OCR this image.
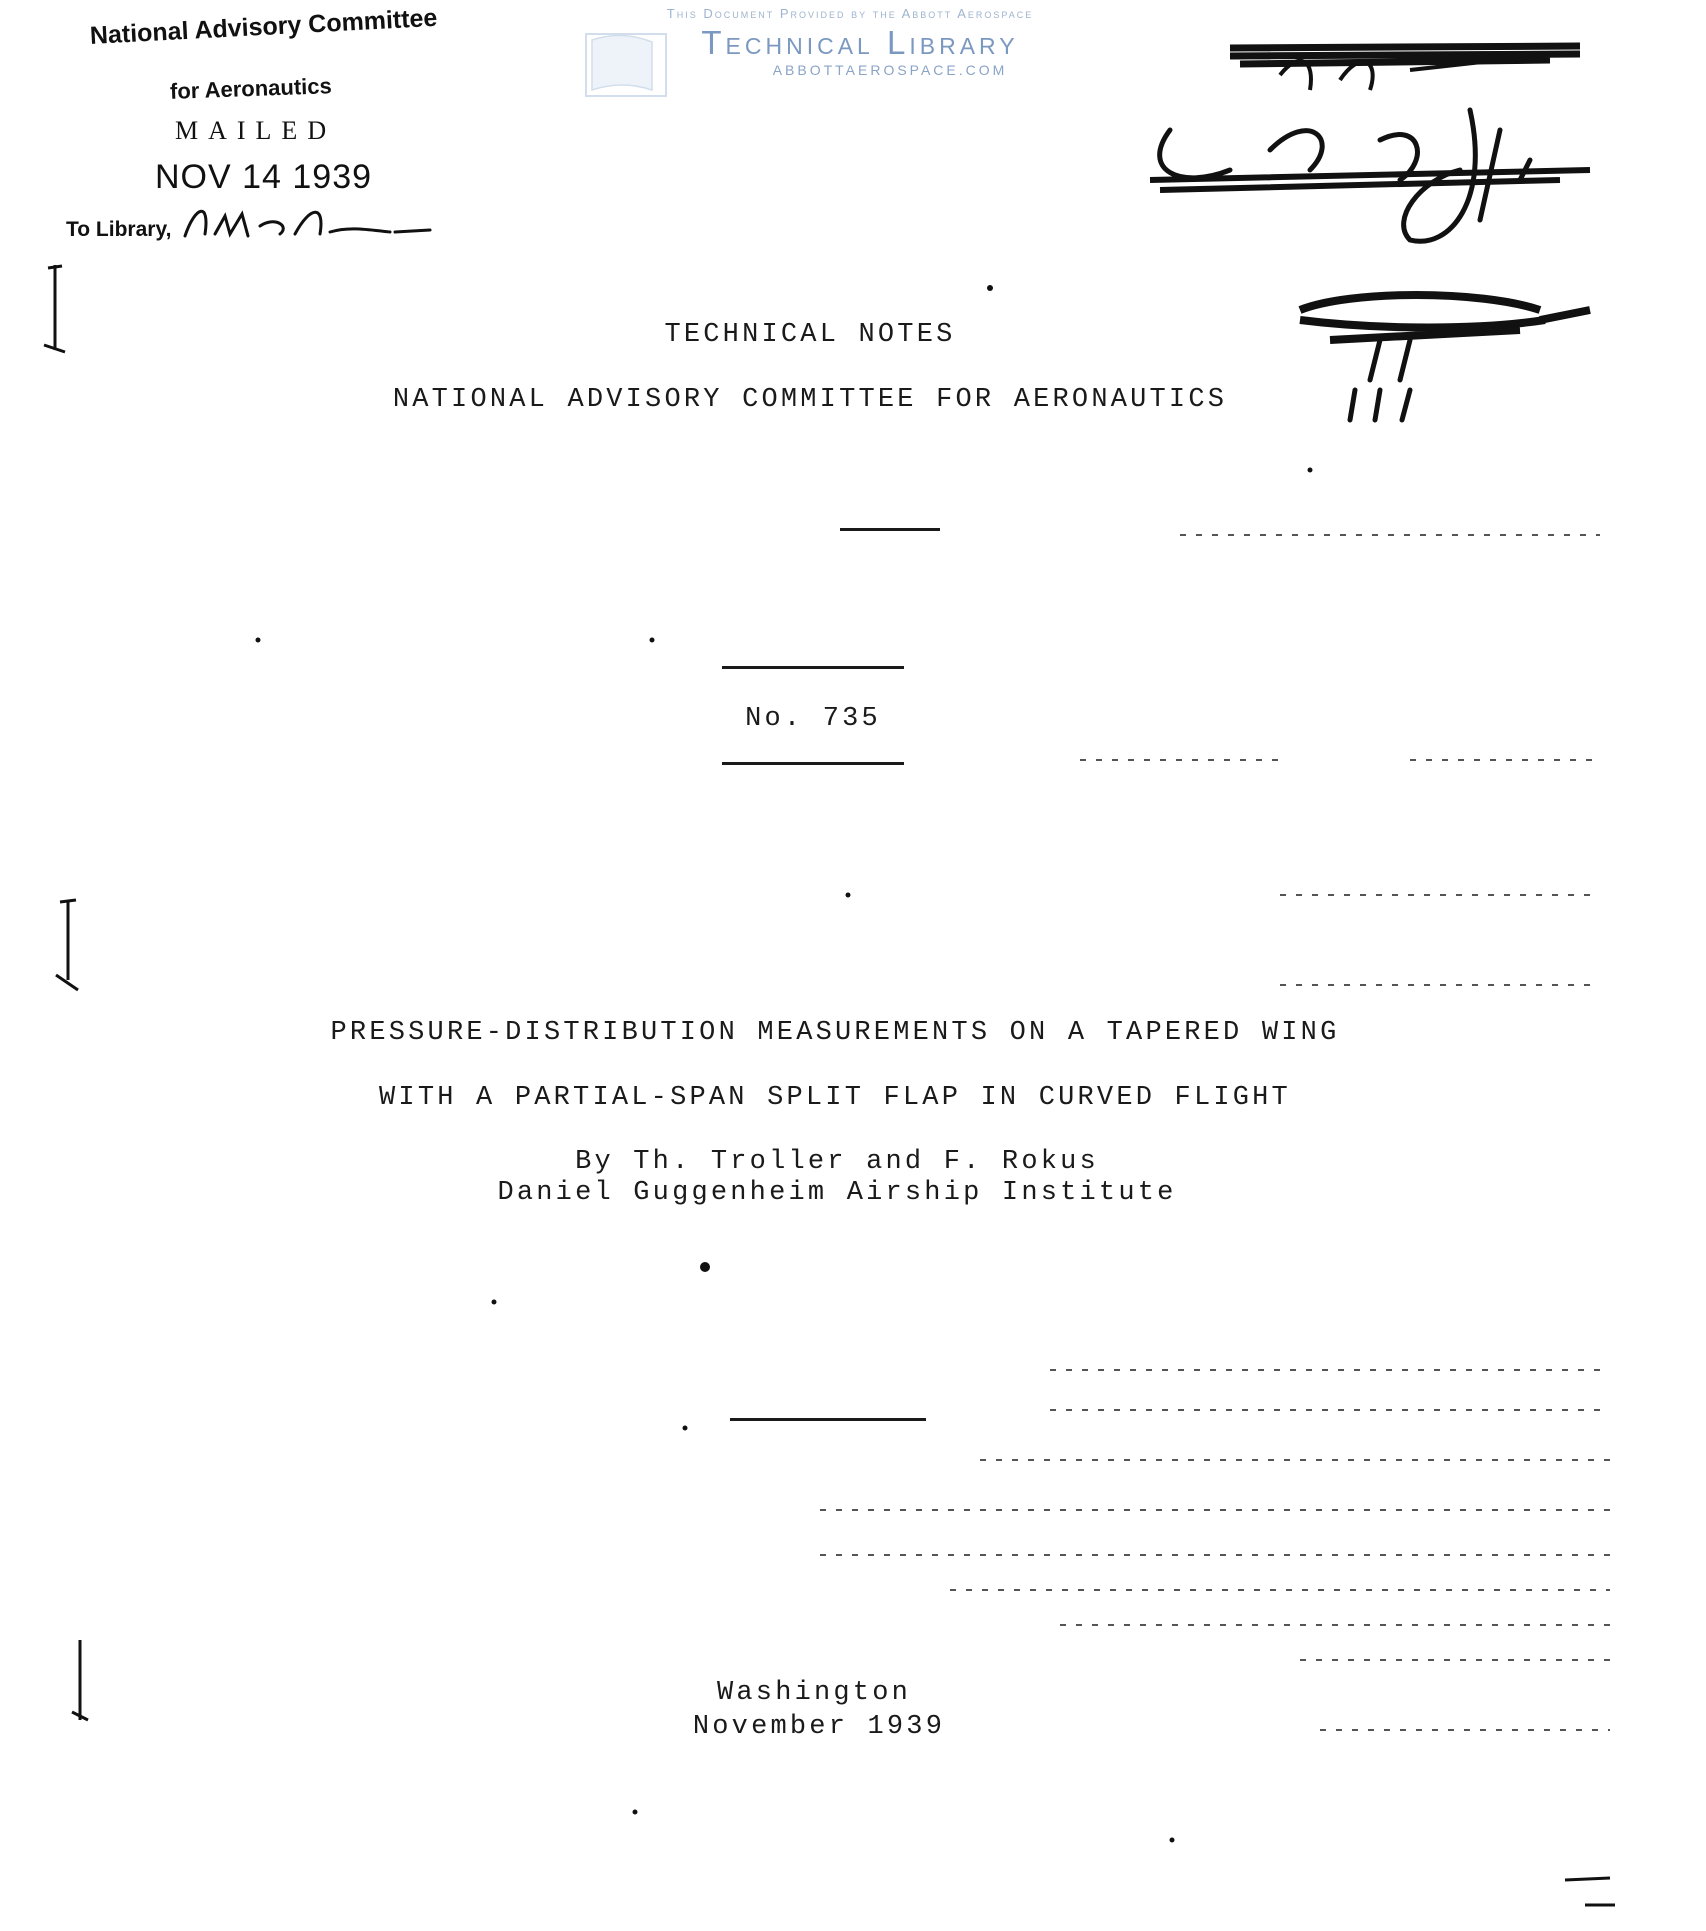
National Advisory Committee
for Aeronautics
MAILED
NOV 14 1939
To Library,
This Document Provided by the Abbott Aerospace
Technical Library
ABBOTTAEROSPACE.COM
TECHNICAL NOTES
NATIONAL ADVISORY COMMITTEE FOR AERONAUTICS
No. 735
PRESSURE-DISTRIBUTION MEASUREMENTS ON A TAPERED WING
WITH A PARTIAL-SPAN SPLIT FLAP IN CURVED FLIGHT
By Th. Troller and F. Rokus
Daniel Guggenheim Airship Institute
Washington
November 1939
